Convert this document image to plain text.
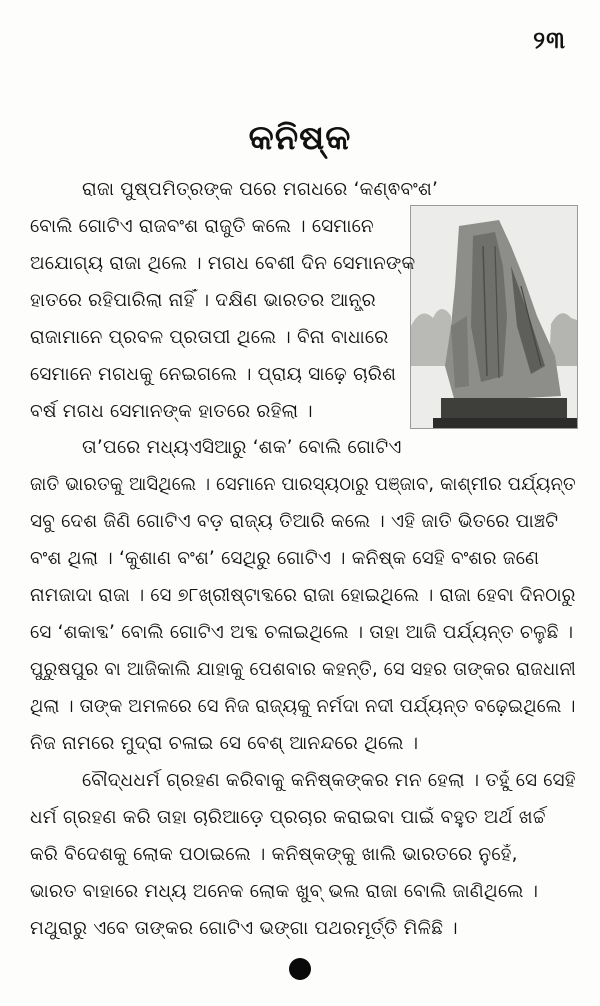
୨୩
କନିଷ୍କ
ରାଜା ପୁଷ୍ପମିତ୍ରଙ୍କ ପରେ ମଗଧରେ ‘କଣ୍ଵବଂଶ’
ବୋଲି ଗୋଟିଏ ରାଜବଂଶ ରାଜୁତି କଲେ । ସେମାନେ
ଅଯୋଗ୍ୟ ରାଜା ଥିଲେ । ମଗଧ ବେଶୀ ଦିନ ସେମାନଙ୍କ
ହାତରେ ରହିପାରିଲା ନାହିଁ । ଦକ୍ଷିଣ ଭାରତର ଆନ୍ଧ୍ର
ରାଜାମାନେ ପ୍ରବଳ ପ୍ରତାପୀ ଥିଲେ । ବିନା ବାଧାରେ
ସେମାନେ ମଗଧକୁ ନେଇଗଲେ । ପ୍ରାୟ ସାଢ଼େ ଚାରିଶ
ବର୍ଷ ମଗଧ ସେମାନଙ୍କ ହାତରେ ରହିଲା ।
ତା’ପରେ ମଧ୍ୟଏସିଆରୁ ‘ଶକ’ ବୋଲି ଗୋଟିଏ
ଜାତି ଭାରତକୁ ଆସିଥିଲେ । ସେମାନେ ପାରସ୍ୟଠାରୁ ପଞ୍ଜାବ, କାଶ୍ମୀର ପର୍ଯ୍ୟନ୍ତ
ସବୁ ଦେଶ ଜିଣି ଗୋଟିଏ ବଡ଼ ରାଜ୍ୟ ତିଆରି କଲେ । ଏହି ଜାତି ଭିତରେ ପାଞ୍ଚଟି
ବଂଶ ଥିଲା । ‘କୁଶାଣ ବଂଶ’ ସେଥିରୁ ଗୋଟିଏ । କନିଷ୍କ ସେହି ବଂଶର ଜଣେ
ନାମଜାଦା ରାଜା । ସେ ୭୮ଖ୍ରୀଷ୍ଟାବ୍ଦରେ ରାଜା ହୋଇଥିଲେ । ରାଜା ହେବା ଦିନଠାରୁ
ସେ ‘ଶକାବ୍ଦ’ ବୋଲି ଗୋଟିଏ ଅବ୍ଦ ଚଳାଇଥିଲେ । ତାହା ଆଜି ପର୍ଯ୍ୟନ୍ତ ଚଳୁଛି ।
ପୁରୁଷପୁର ବା ଆଜିକାଲି ଯାହାକୁ ପେଶବାର କହନ୍ତି, ସେ ସହର ତାଙ୍କର ରାଜଧାନୀ
ଥିଲା । ତାଙ୍କ ଅମଳରେ ସେ ନିଜ ରାଜ୍ୟକୁ ନର୍ମଦା ନଦୀ ପର୍ଯ୍ୟନ୍ତ ବଢ଼େଇଥିଲେ ।
ନିଜ ନାମରେ ମୁଦ୍ରା ଚଳାଇ ସେ ବେଶ୍ ଆନନ୍ଦରେ ଥିଲେ ।
ବୌଦ୍ଧଧର୍ମ ଗ୍ରହଣ କରିବାକୁ କନିଷ୍କଙ୍କର ମନ ହେଲା । ତହୁଁ ସେ ସେହି
ଧର୍ମ ଗ୍ରହଣ କରି ତାହା ଚାରିଆଡ଼େ ପ୍ରଚାର କରାଇବା ପାଇଁ ବହୁତ ଅର୍ଥ ଖର୍ଚ୍ଚ
କରି ବିଦେଶକୁ ଲୋକ ପଠାଇଲେ । କନିଷ୍କଙ୍କୁ ଖାଲି ଭାରତରେ ନୁହେଁ,
ଭାରତ ବାହାରେ ମଧ୍ୟ ଅନେକ ଲୋକ ଖୁବ୍ ଭଲ ରାଜା ବୋଲି ଜାଣିଥିଲେ ।
ମଥୁରାରୁ ଏବେ ତାଙ୍କର ଗୋଟିଏ ଭଙ୍ଗା ପଥରମୂର୍ତ୍ତି ମିଳିଛି ।
